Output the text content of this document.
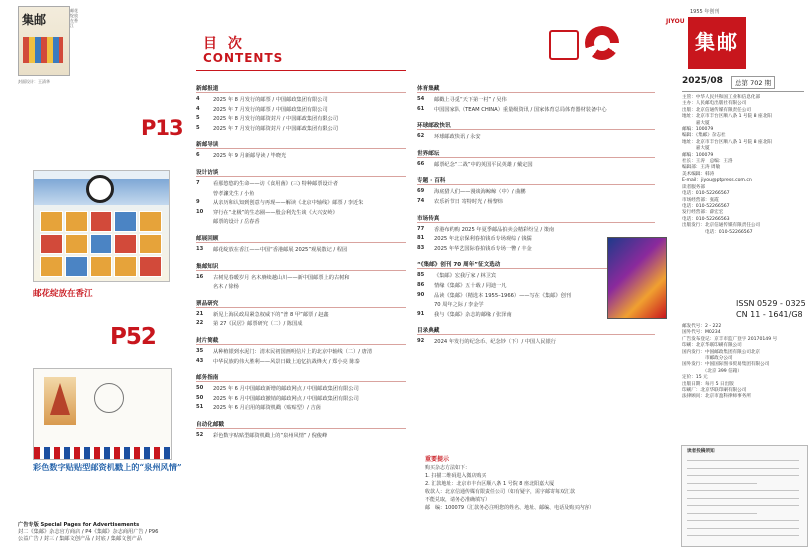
集邮
邮花绽放在香江
封面设计：王清华
P13
邮花绽放在香江
P52
彩色数字贴贴型邮资机戳上的“泉州风情”
广告专版 Special Pages for Advertisements
封二《集邮》杂志官方商店 / P4《集邮》杂志商用广告 / P96
公益广告 / 封三 / 集邮文创产品 / 封底 / 集邮文创产品
目 次
CONTENTS
新邮报道
4	2025 年 8 月发行的邮票 / 中国邮政集团有限公司
4	2025 年 7 月发行的邮票 / 中国邮政集团有限公司
5	2025 年 8 月发行的邮资封片 / 中国邮政集团有限公司
5	2025 年 7 月发行的邮资封片 / 中国邮政集团有限公司
新邮导读
6	2025 年 9 月新邮导读 / 毕晓光
设计访谈
7	看那悠悠的生命——访《食用菌》(三) 特种邮票设计者
曾孝濂先生 / 小鱼
9	从亲历和认知到创意与再现——解读《北京中轴线》邮票 / 李近朱
10	穿行在“北极”的生态圈——殷会利先生谈《大兴安岭》
邮票的设计 / 岳春香
邮展回顾
13	邮花绽放在香江——中国“香港邮展 2025”观展散记 / 程园
集邮知识
16	古树见春暖岁月 名木赓续越山川——新中国邮票上的古树和
名木 / 徐杨
票品研究
21	新见上海民政局紧急权威下的“普 8 甲”邮票 / 赵鑫
22	第 27《民居》邮票研究（二）/ 陈国成
封片简截
35	从种植银到水泥门：清末民初国画明信片上的北京中轴线（二）/ 唐清
43	中华民族的伟大胜利——风景日戳上追忆抗战烽火 / 郑小亮 陈泰
邮务指南
50	2025 年 6 月中国邮政新增的邮政网点 / 中国邮政集团有限公司
50	2025 年 6 月中国邮政撤销的邮政网点 / 中国邮政集团有限公司
51	2025 年 6 月启用的邮资机戳（贴贴型）/ 吉茵
自动化邮戳
52	彩色数字贴贴型邮资机戳上的“泉州风情” / 倪俊峰
体育集藏
54	邮戳上寻觅“天下第一村” / 吴伟
61	中国国家队（TEAM CHINA）重量级资讯 / 国家体育总局体育器材装备中心
环球邮政快讯
62	环球邮政快讯 / 永安
世界邮坛
66	邮票纪念“二战”中的英国平民英雄 / 戴定国
专题 · 百科
69	海底猎人们——漫谈海鲸鲸（中）/ 曲鹏
74	农乐祈节日 寄特时光 / 杨黎炜
市场传真
77	香港布约购 2025 年夏季邮品拍卖会精彩纷呈 / 策南
81	2025 年北京保利春拍钱币专场观综 / 钱儒
83	2025 年华艺国际春拍钱币专场一瞥 / 丰金
“《集邮》创刊 70 周年”征文选动
85	《集邮》宏我厅家 / 林卫宾
86	情缘《集邮》五十载 / 同迪一凡
90	品读《集邮》（精选本 1955–1966）——写在《集邮》创刊
70 周年之际 / 李金学
91	我与《集邮》杂志的邮缘 / 张泽南
目录典藏
92	2024 年发行的纪念币、纪念钞（下）/ 中国人民银行
重要提示
购买杂志方法如下：
1. 扫描二维码进入微店购买
2. 汇款地址：北京市丰台区顺八条 1 号院 8 座北阳嘉大厦
收款人：北京信通传媒有限责任公司（如有疑字，需字邮寄每双汇款
不能兑取，请务必准确填写）
邮　编：100079（汇款务必注明您的姓名、地址、邮编、电话及购买内容）
1955 年创刊
JIYOU
集邮
2025/08	总第 702 期
主管：中华人民共和国工业和信息化部
主办：人民邮电出版社有限公司
出版：北京信通传媒有限责任公司
地址：北京市丰台区顺八条 1 号院 8 座北阳
　　　嘉大厦
邮编：100079
编辑：《集邮》杂志社
地址：北京市丰台区顺八条 1 号院 8 座北阳
　　　嘉大厦
邮编：100079
社长：王涛　总编：王洛
编辑部：王涛 周敏
美术编辑：韩涛
E-mail：jiyou@ptpress.com.cn
读者服务部
电话：010-52266567
市场经营部：张霞
电话：010-52266567
发行经营部：薛宏宏
电话：010-52266563
出版发行：北京信通传媒有限责任公司
　　　　　电话：010-52266567
ISSN 0529 - 0325
CN 11 - 1641/G8
邮发代号：2 - 222
国外代号：M0234
广告发布登记：京丰市监广登字 20170149 号
印刷：北京华联印刷有限公司
国内发行：中国邮政集团有限公司北京
　　　　　市邮政分公司
国外发行：中国国际图书贸易集团有限公司
　　　　　（北京 399 信箱）
定价：15 元
出版日期：每月 5 日出版
印刷厂：北京华联印刷有限公司
法律顾问：北京市盈科律师事务所
读者投稿须知
